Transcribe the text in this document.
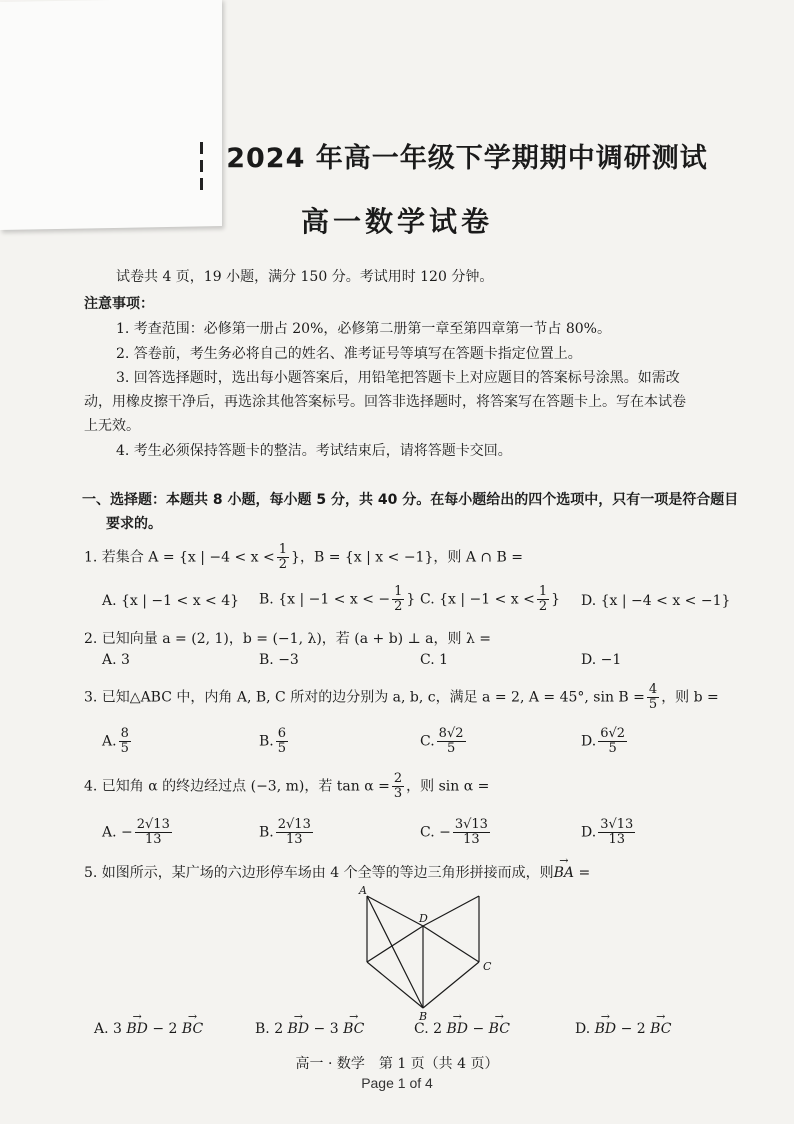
2024 年高一年级下学期期中调研测试
高一数学试卷
试卷共 4 页，19 小题，满分 150 分。考试用时 120 分钟。
注意事项：
1. 考查范围：必修第一册占 20%，必修第二册第一章至第四章第一节占 80%。
2. 答卷前，考生务必将自己的姓名、准考证号等填写在答题卡指定位置上。
3. 回答选择题时，选出每小题答案后，用铅笔把答题卡上对应题目的答案标号涂黑。如需改
动，用橡皮擦干净后，再选涂其他答案标号。回答非选择题时，将答案写在答题卡上。写在本试卷
上无效。
4. 考生必须保持答题卡的整洁。考试结束后，请将答题卡交回。
一、选择题：本题共 8 小题，每小题 5 分，共 40 分。在每小题给出的四个选项中，只有一项是符合题目
要求的。
1. 若集合 A = {x | $-4 < x < \frac{1}{2}$ }，B = {x | x < −1}，则 A ∩ B =
A. {x | −1 < x < 4} B. {x | −1 < x < − $\frac{1}{2}$ } C. {x | $-1 < x < \frac{1}{2}$ } D. {x | −4 < x < −1}
2. 已知向量 a = (2, 1)，b = (−1, λ)，若 (a + b) ⊥ a，则 λ =
A. 3	B. −3	C. 1	D. −1
3. 已知△ABC 中，内角 A, B, C 所对的边分别为 a, b, c，满足 a = 2, A = 45°, $\sin B = \frac{4}{5}$ ，则 b =
A. $\frac{8}{5}$	B. $\frac{6}{5}$	C. $\frac{8√2}{5}$	D. $\frac{6√2}{5}$
4. 已知角 α 的终边经过点 (−3, m)，若 $\tan \alpha = \frac{2}{3}$ ，则 sin α =
A. − $\frac{2√13}{13}$	B. $\frac{2√13}{13}$	C. − $\frac{3√13}{13}$	D. $\frac{3√13}{13}$
5. 如图所示，某广场的六边形停车场由 4 个全等的等边三角形拼接而成，则→ BA =
A
D
C
B
A. 3 → BD − 2 → BC	B. 2 → BD − 3 → BC	C. 2 → BD − → BC	D. → BD − 2 → BC
高一 · 数学　第 1 页（共 4 页）
Page 1 of 4
